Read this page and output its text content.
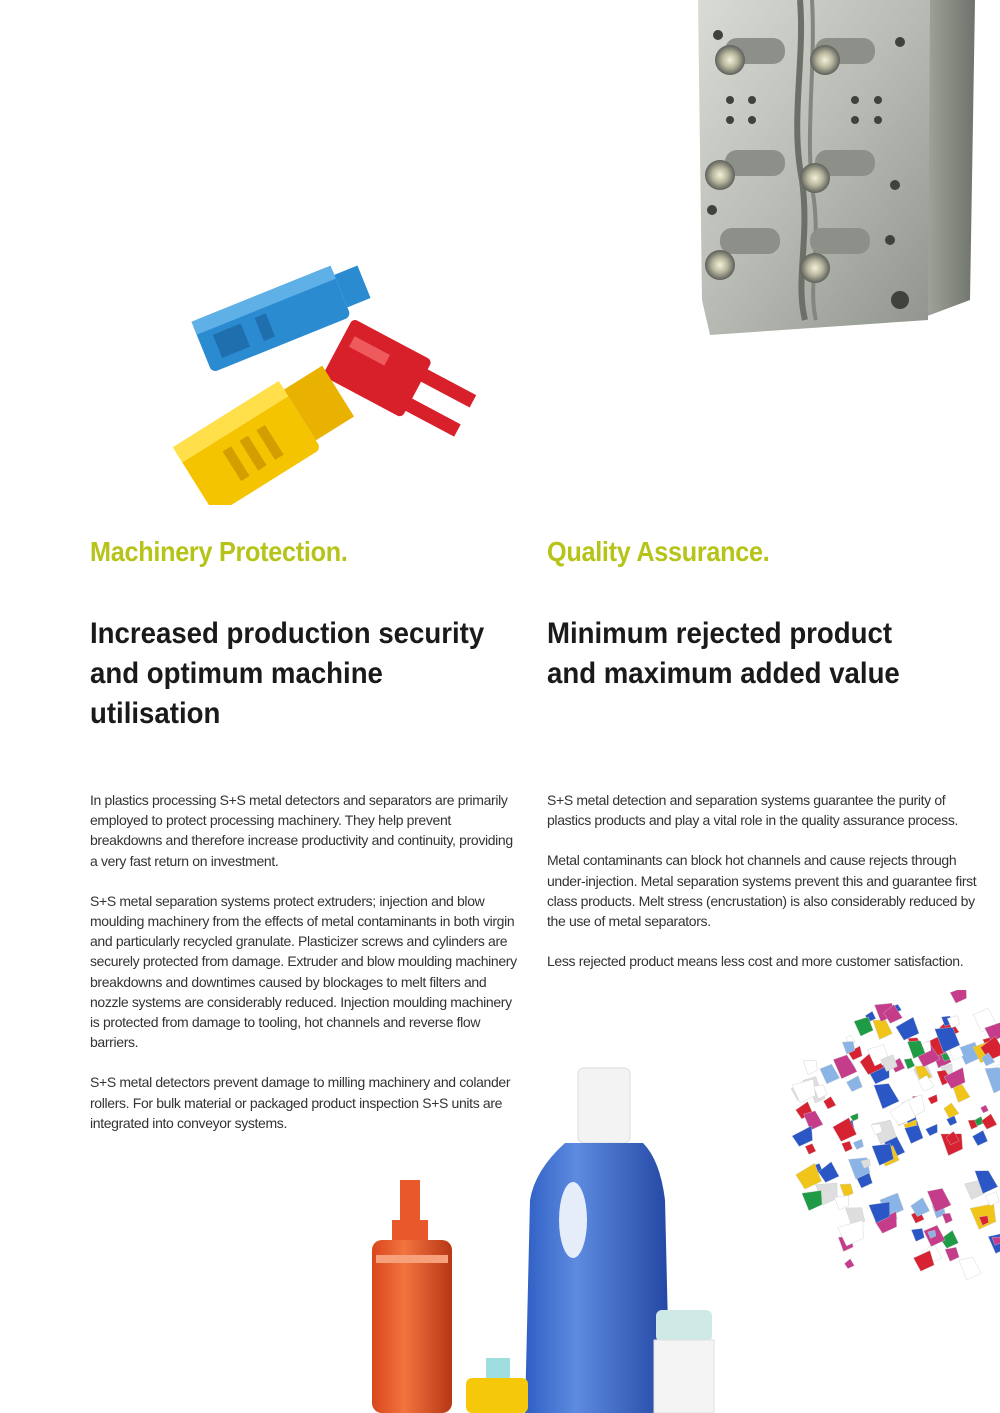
Machinery Protection.
Increased production security and optimum machine utilisation

In plastics processing S+S metal detectors and separators are primarily employed to protect processing machinery. They help prevent breakdowns and therefore increase productivity and continuity, providing a very fast return on investment.

S+S metal separation systems protect extruders; injection and blow moulding machinery from the effects of metal contaminants in both virgin and particularly recycled granulate. Plasticizer screws and cylinders are securely protected from damage. Extruder and blow moulding machinery breakdowns and downtimes caused by blockages to melt filters and nozzle systems are considerably reduced. Injection moulding machinery is protected from damage to tooling, hot channels and reverse flow barriers.

S+S metal detectors prevent damage to milling machinery and colander rollers. For bulk material or packaged product inspection S+S units are integrated into conveyor systems.

Quality Assurance.
Minimum rejected product and maximum added value

S+S metal detection and separation systems guarantee the purity of plastics products and play a vital role in the quality assurance process.

Metal contaminants can block hot channels and cause rejects through under-injection. Metal separation systems prevent this and guarantee first class products. Melt stress (encrustation) is also considerably reduced by the use of metal separators.

Less rejected product means less cost and more customer satisfaction.
